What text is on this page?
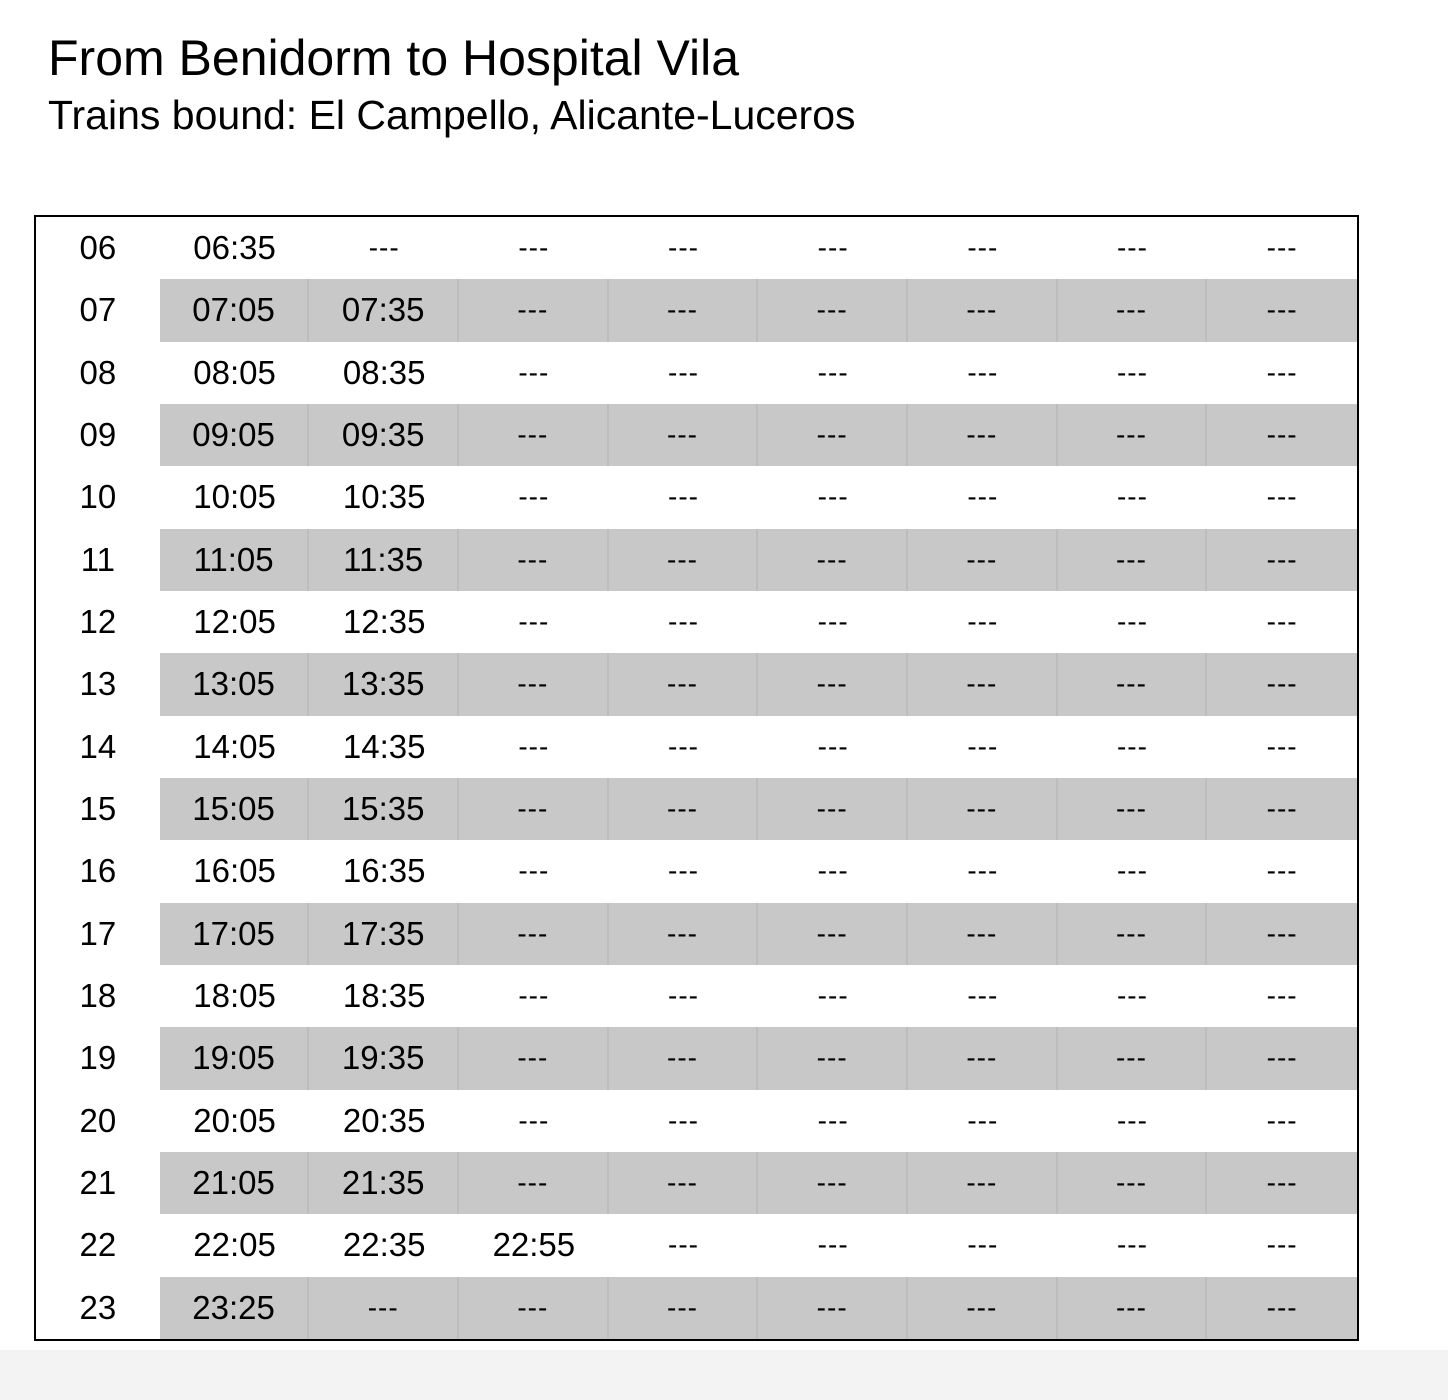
From Benidorm to Hospital Vila
Trains bound: El Campello, Alicante-Luceros
06	06:35	---	---	---	---	---	---	---
07	07:05	07:35	---	---	---	---	---	---
08	08:05	08:35	---	---	---	---	---	---
09	09:05	09:35	---	---	---	---	---	---
10	10:05	10:35	---	---	---	---	---	---
11	11:05	11:35	---	---	---	---	---	---
12	12:05	12:35	---	---	---	---	---	---
13	13:05	13:35	---	---	---	---	---	---
14	14:05	14:35	---	---	---	---	---	---
15	15:05	15:35	---	---	---	---	---	---
16	16:05	16:35	---	---	---	---	---	---
17	17:05	17:35	---	---	---	---	---	---
18	18:05	18:35	---	---	---	---	---	---
19	19:05	19:35	---	---	---	---	---	---
20	20:05	20:35	---	---	---	---	---	---
21	21:05	21:35	---	---	---	---	---	---
22	22:05	22:35	22:55	---	---	---	---	---
23	23:25	---	---	---	---	---	---	---
